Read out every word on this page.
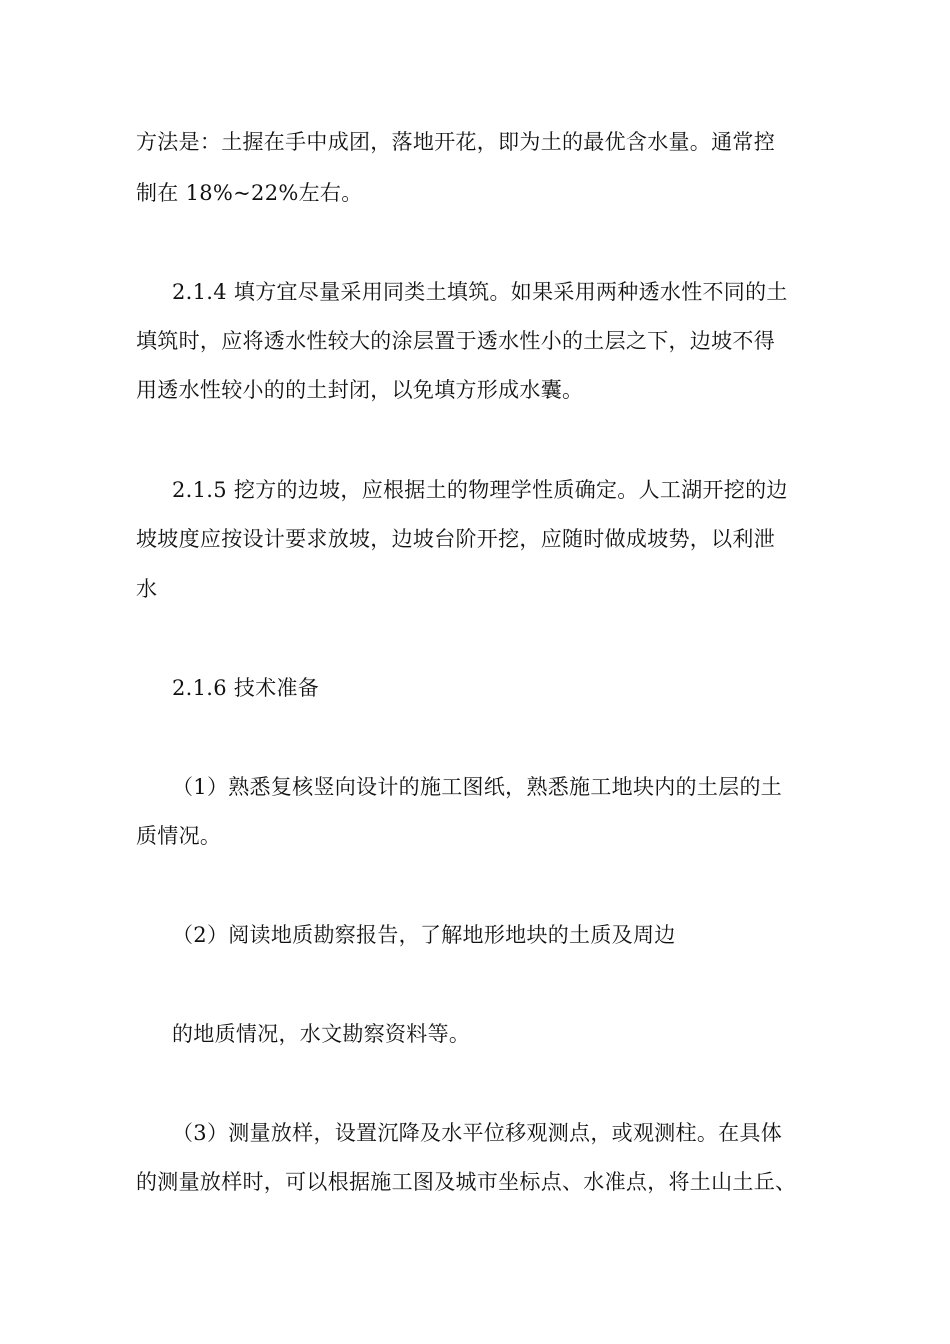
方法是：土握在手中成团，落地开花，即为土的最优含水量。通常控
制在 18%~22%左右。
2.1.4 填方宜尽量采用同类土填筑。如果采用两种透水性不同的土
填筑时，应将透水性较大的涂层置于透水性小的土层之下，边坡不得
用透水性较小的的土封闭，以免填方形成水囊。
2.1.5 挖方的边坡，应根据土的物理学性质确定。人工湖开挖的边
坡坡度应按设计要求放坡，边坡台阶开挖，应随时做成坡势，以利泄
水
2.1.6 技术准备
（1）熟悉复核竖向设计的施工图纸，熟悉施工地块内的土层的土
质情况。
（2）阅读地质勘察报告，了解地形地块的土质及周边
的地质情况，水文勘察资料等。
（3）测量放样，设置沉降及水平位移观测点，或观测柱。在具体
的测量放样时，可以根据施工图及城市坐标点、水准点，将土山土丘、
